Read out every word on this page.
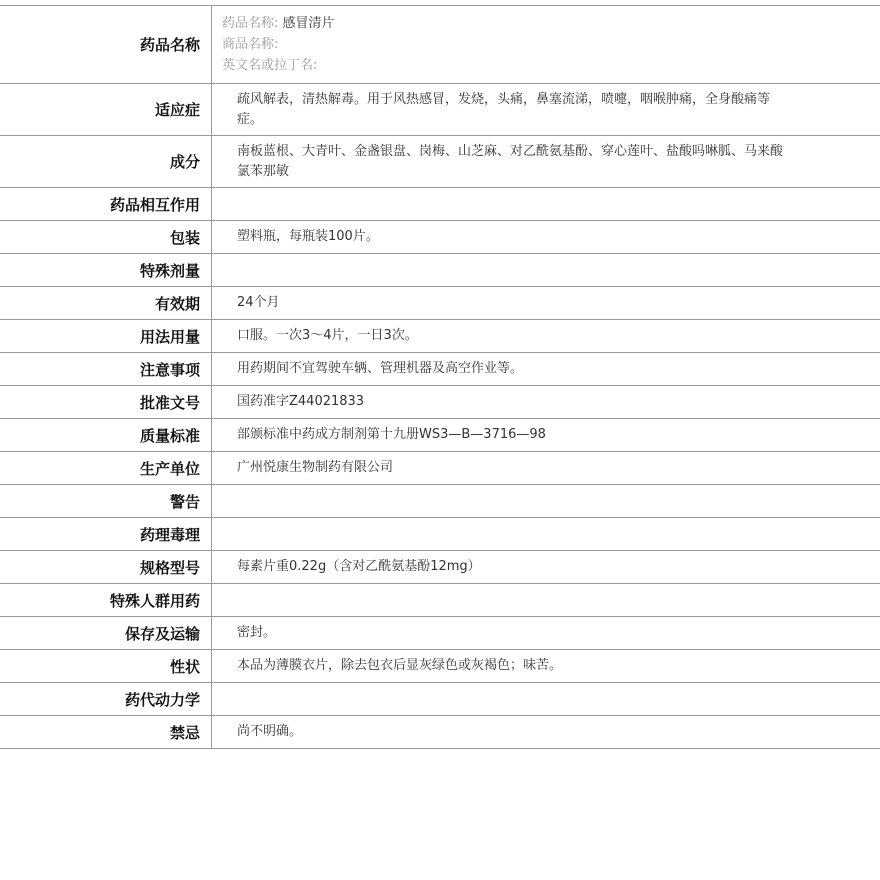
药品名称	药品名称: 感冒清片
商品名称:
英文名或拉丁名:

适应症	疏风解表，清热解毒。用于风热感冒，发烧，头痛，鼻塞流涕，喷嚏，咽喉肿痛，全身酸痛等症。
成分	南板蓝根、大青叶、金盏银盘、岗梅、山芝麻、对乙酰氨基酚、穿心莲叶、盐酸吗啉胍、马来酸氯苯那敏
药品相互作用	
包装	塑料瓶，每瓶装100片。
特殊剂量	
有效期	24个月
用法用量	口服。一次3～4片，一日3次。
注意事项	用药期间不宜驾驶车辆、管理机器及高空作业等。
批准文号	国药准字Z44021833
质量标准	部颁标准中药成方制剂第十九册WS3—B—3716—98
生产单位	广州悦康生物制药有限公司
警告	
药理毒理	
规格型号	每素片重0.22g（含对乙酰氨基酚12mg）
特殊人群用药	
保存及运输	密封。
性状	本品为薄膜衣片，除去包衣后显灰绿色或灰褐色；味苦。
药代动力学	
禁忌	尚不明确。
